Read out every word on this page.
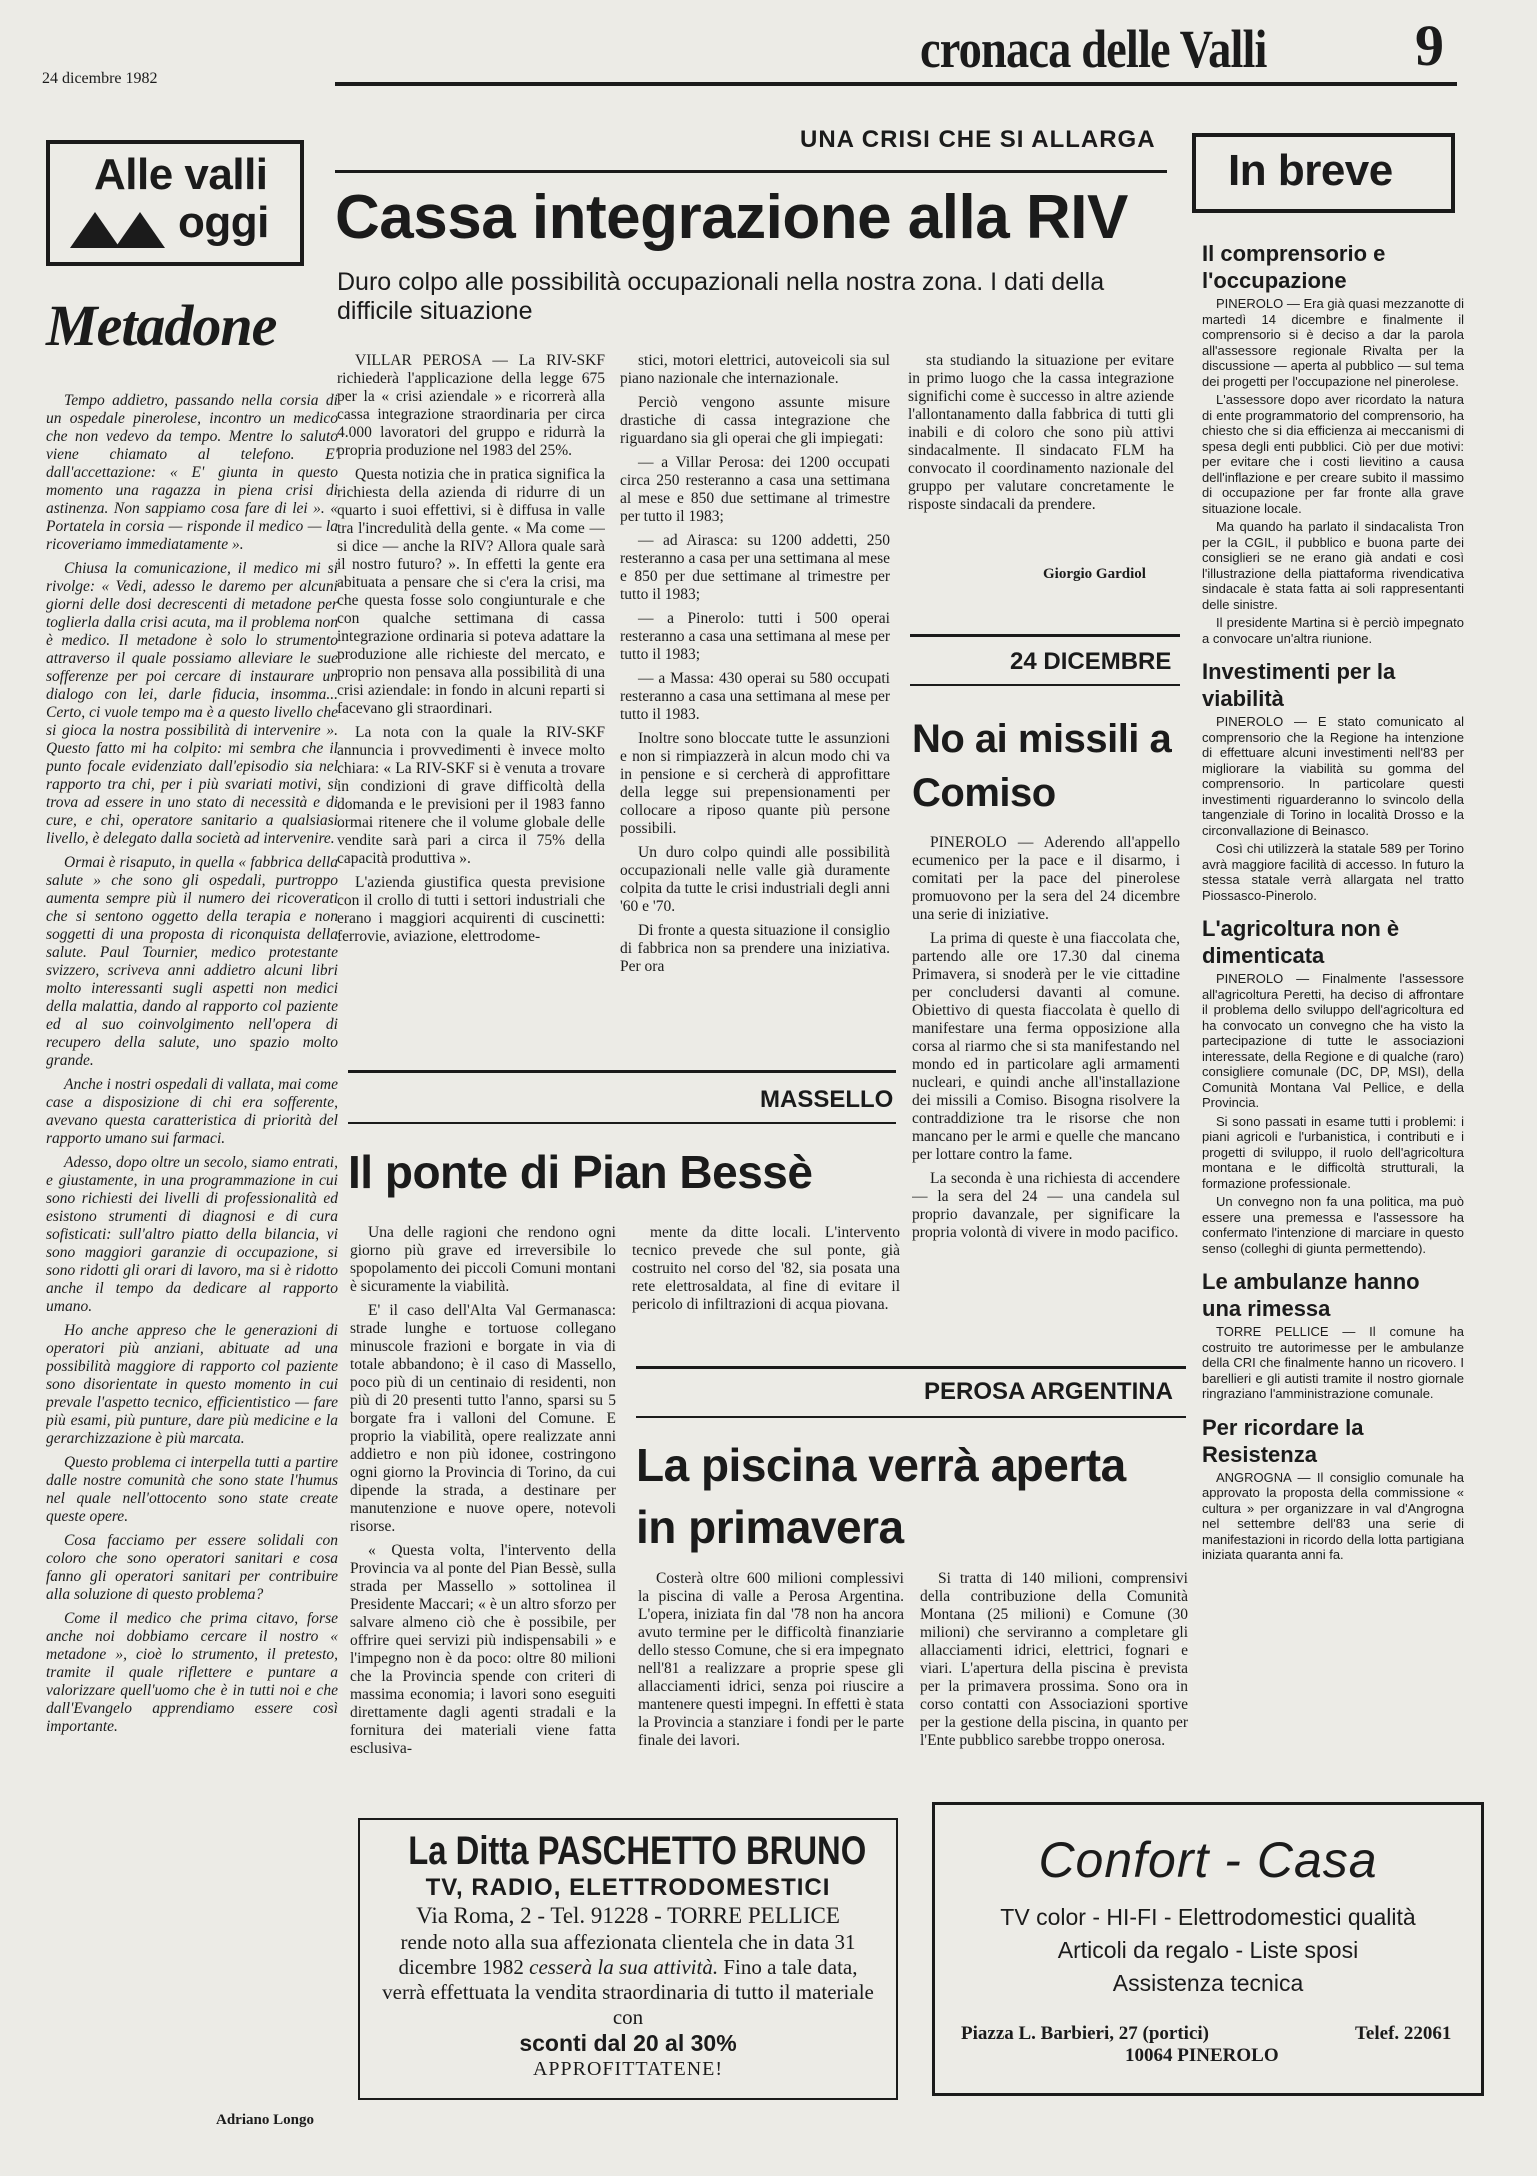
24 dicembre 1982	cronaca delle Valli	9
Alle valli
oggi
Metadone

Tempo addietro, passando nella corsia di un ospedale pinerolese, incontro un medico che non vedevo da tempo. Mentre lo saluto viene chiamato al telefono. E' dall'accettazione: « E' giunta in questo momento una ragazza in piena crisi di astinenza. Non sappiamo cosa fare di lei ». « Portatela in corsia — risponde il medico — la ricoveriamo immediatamente ».

Chiusa la comunicazione, il medico mi si rivolge: « Vedi, adesso le daremo per alcuni giorni delle dosi decrescenti di metadone per toglierla dalla crisi acuta, ma il problema non è medico. Il metadone è solo lo strumento attraverso il quale possiamo alleviare le sue sofferenze per poi cercare di instaurare un dialogo con lei, darle fiducia, insomma... Certo, ci vuole tempo ma è a questo livello che si gioca la nostra possibilità di intervenire ». Questo fatto mi ha colpito: mi sembra che il punto focale evidenziato dall'episodio sia nel rapporto tra chi, per i più svariati motivi, si trova ad essere in uno stato di necessità e di cure, e chi, operatore sanitario a qualsiasi livello, è delegato dalla società ad intervenire.

Ormai è risaputo, in quella « fabbrica della salute » che sono gli ospedali, purtroppo aumenta sempre più il numero dei ricoverati che si sentono oggetto della terapia e non soggetti di una proposta di riconquista della salute. Paul Tournier, medico protestante svizzero, scriveva anni addietro alcuni libri molto interessanti sugli aspetti non medici della malattia, dando al rapporto col paziente ed al suo coinvolgimento nell'opera di recupero della salute, uno spazio molto grande.

Anche i nostri ospedali di vallata, mai come case a disposizione di chi era sofferente, avevano questa caratteristica di priorità del rapporto umano sui farmaci.

Adesso, dopo oltre un secolo, siamo entrati, e giustamente, in una programmazione in cui sono richiesti dei livelli di professionalità ed esistono strumenti di diagnosi e di cura sofisticati: sull'altro piatto della bilancia, vi sono maggiori garanzie di occupazione, si sono ridotti gli orari di lavoro, ma si è ridotto anche il tempo da dedicare al rapporto umano.

Ho anche appreso che le generazioni di operatori più anziani, abituate ad una possibilità maggiore di rapporto col paziente sono disorientate in questo momento in cui prevale l'aspetto tecnico, efficientistico — fare più esami, più punture, dare più medicine e la gerarchizzazione è più marcata.

Questo problema ci interpella tutti a partire dalle nostre comunità che sono state l'humus nel quale nell'ottocento sono state create queste opere.

Cosa facciamo per essere solidali con coloro che sono operatori sanitari e cosa fanno gli operatori sanitari per contribuire alla soluzione di questo problema?

Come il medico che prima citavo, forse anche noi dobbiamo cercare il nostro « metadone », cioè lo strumento, il pretesto, tramite il quale riflettere e puntare a valorizzare quell'uomo che è in tutti noi e che dall'Evangelo apprendiamo essere così importante.

Adriano Longo
UNA CRISI CHE SI ALLARGA
Cassa integrazione alla RIV
Duro colpo alle possibilità occupazionali nella nostra zona. I dati della difficile situazione

VILLAR PEROSA — La RIV-SKF richiederà l'applicazione della legge 675 per la « crisi aziendale » e ricorrerà alla cassa integrazione straordinaria per circa 4.000 lavoratori del gruppo e ridurrà la propria produzione nel 1983 del 25%.

Questa notizia che in pratica significa la richiesta della azienda di ridurre di un quarto i suoi effettivi, si è diffusa in valle tra l'incredulità della gente. « Ma come — si dice — anche la RIV? Allora quale sarà il nostro futuro? ». In effetti la gente era abituata a pensare che si c'era la crisi, ma che questa fosse solo congiunturale e che con qualche settimana di cassa integrazione ordinaria si poteva adattare la produzione alle richieste del mercato, e proprio non pensava alla possibilità di una crisi aziendale: in fondo in alcuni reparti si facevano gli straordinari.

La nota con la quale la RIV-SKF annuncia i provvedimenti è invece molto chiara: « La RIV-SKF si è venuta a trovare in condizioni di grave difficoltà della domanda e le previsioni per il 1983 fanno ormai ritenere che il volume globale delle vendite sarà pari a circa il 75% della capacità produttiva ».

L'azienda giustifica questa previsione con il crollo di tutti i settori industriali che erano i maggiori acquirenti di cuscinetti: ferrovie, aviazione, elettrodome-

stici, motori elettrici, autoveicoli sia sul piano nazionale che internazionale.

Perciò vengono assunte misure drastiche di cassa integrazione che riguardano sia gli operai che gli impiegati:

— a Villar Perosa: dei 1200 occupati circa 250 resteranno a casa una settimana al mese e 850 due settimane al trimestre per tutto il 1983;

— ad Airasca: su 1200 addetti, 250 resteranno a casa per una settimana al mese e 850 per due settimane al trimestre per tutto il 1983;

— a Pinerolo: tutti i 500 operai resteranno a casa una settimana al mese per tutto il 1983;

— a Massa: 430 operai su 580 occupati resteranno a casa una settimana al mese per tutto il 1983.

Inoltre sono bloccate tutte le assunzioni e non si rimpiazzerà in alcun modo chi va in pensione e si cercherà di approfittare della legge sui prepensionamenti per collocare a riposo quante più persone possibili.

Un duro colpo quindi alle possibilità occupazionali nelle valle già duramente colpita da tutte le crisi industriali degli anni '60 e '70.

Di fronte a questa situazione il consiglio di fabbrica non sa prendere una iniziativa. Per ora

sta studiando la situazione per evitare in primo luogo che la cassa integrazione significhi come è successo in altre aziende l'allontanamento dalla fabbrica di tutti gli inabili e di coloro che sono più attivi sindacalmente. Il sindacato FLM ha convocato il coordinamento nazionale del gruppo per valutare concretamente le risposte sindacali da prendere.

Giorgio Gardiol
24 DICEMBRE
No ai missili a Comiso

PINEROLO — Aderendo all'appello ecumenico per la pace e il disarmo, i comitati per la pace del pinerolese promuovono per la sera del 24 dicembre una serie di iniziative.

La prima di queste è una fiaccolata che, partendo alle ore 17.30 dal cinema Primavera, si snoderà per le vie cittadine per concludersi davanti al comune. Obiettivo di questa fiaccolata è quello di manifestare una ferma opposizione alla corsa al riarmo che si sta manifestando nel mondo ed in particolare agli armamenti nucleari, e quindi anche all'installazione dei missili a Comiso. Bisogna risolvere la contraddizione tra le risorse che non mancano per le armi e quelle che mancano per lottare contro la fame.

La seconda è una richiesta di accendere — la sera del 24 — una candela sul proprio davanzale, per significare la propria volontà di vivere in modo pacifico.

MASSELLO
Il ponte di Pian Bessè

Una delle ragioni che rendono ogni giorno più grave ed irreversibile lo spopolamento dei piccoli Comuni montani è sicuramente la viabilità.

E' il caso dell'Alta Val Germanasca: strade lunghe e tortuose collegano minuscole frazioni e borgate in via di totale abbandono; è il caso di Massello, poco più di un centinaio di residenti, non più di 20 presenti tutto l'anno, sparsi su 5 borgate fra i valloni del Comune. E proprio la viabilità, opere realizzate anni addietro e non più idonee, costringono ogni giorno la Provincia di Torino, da cui dipende la strada, a destinare per manutenzione e nuove opere, notevoli risorse.

« Questa volta, l'intervento della Provincia va al ponte del Pian Bessè, sulla strada per Massello » sottolinea il Presidente Maccari; « è un altro sforzo per salvare almeno ciò che è possibile, per offrire quei servizi più indispensabili » e l'impegno non è da poco: oltre 80 milioni che la Provincia spende con criteri di massima economia; i lavori sono eseguiti direttamente dagli agenti stradali e la fornitura dei materiali viene fatta esclusiva-

mente da ditte locali. L'intervento tecnico prevede che sul ponte, già costruito nel corso del '82, sia posata una rete elettrosaldata, al fine di evitare il pericolo di infiltrazioni di acqua piovana.

PEROSA ARGENTINA
La piscina verrà aperta in primavera

Costerà oltre 600 milioni complessivi la piscina di valle a Perosa Argentina. L'opera, iniziata fin dal '78 non ha ancora avuto termine per le difficoltà finanziarie dello stesso Comune, che si era impegnato nell'81 a realizzare a proprie spese gli allacciamenti idrici, senza poi riuscire a mantenere questi impegni. In effetti è stata la Provincia a stanziare i fondi per le parte finale dei lavori.

Si tratta di 140 milioni, comprensivi della contribuzione della Comunità Montana (25 milioni) e Comune (30 milioni) che serviranno a completare gli allacciamenti idrici, elettrici, fognari e viari. L'apertura della piscina è prevista per la primavera prossima. Sono ora in corso contatti con Associazioni sportive per la gestione della piscina, in quanto per l'Ente pubblico sarebbe troppo onerosa.

In breve
Il comprensorio e l'occupazione

PINEROLO — Era già quasi mezzanotte di martedì 14 dicembre e finalmente il comprensorio si è deciso a dar la parola all'assessore regionale Rivalta per la discussione — aperta al pubblico — sul tema dei progetti per l'occupazione nel pinerolese.

L'assessore dopo aver ricordato la natura di ente programmatorio del comprensorio, ha chiesto che si dia efficienza ai meccanismi di spesa degli enti pubblici. Ciò per due motivi: per evitare che i costi lievitino a causa dell'inflazione e per creare subito il massimo di occupazione per far fronte alla grave situazione locale.

Ma quando ha parlato il sindacalista Tron per la CGIL, il pubblico e buona parte dei consiglieri se ne erano già andati e così l'illustrazione della piattaforma rivendicativa sindacale è stata fatta ai soli rappresentanti delle sinistre.

Il presidente Martina si è perciò impegnato a convocare un'altra riunione.

Investimenti per la viabilità

PINEROLO — E stato comunicato al comprensorio che la Regione ha intenzione di effettuare alcuni investimenti nell'83 per migliorare la viabilità su gomma del comprensorio. In particolare questi investimenti riguarderanno lo svincolo della tangenziale di Torino in località Drosso e la circonvallazione di Beinasco.

Così chi utilizzerà la statale 589 per Torino avrà maggiore facilità di accesso. In futuro la stessa statale verrà allargata nel tratto Piossasco-Pinerolo.

L'agricoltura non è dimenticata

PINEROLO — Finalmente l'assessore all'agricoltura Peretti, ha deciso di affrontare il problema dello sviluppo dell'agricoltura ed ha convocato un convegno che ha visto la partecipazione di tutte le associazioni interessate, della Regione e di qualche (raro) consigliere comunale (DC, DP, MSI), della Comunità Montana Val Pellice, e della Provincia.

Si sono passati in esame tutti i problemi: i piani agricoli e l'urbanistica, i contributi e i progetti di sviluppo, il ruolo dell'agricoltura montana e le difficoltà strutturali, la formazione professionale.

Un convegno non fa una politica, ma può essere una premessa e l'assessore ha confermato l'intenzione di marciare in questo senso (colleghi di giunta permettendo).

Le ambulanze hanno una rimessa

TORRE PELLICE — Il comune ha costruito tre autorimesse per le ambulanze della CRI che finalmente hanno un ricovero. I barellieri e gli autisti tramite il nostro giornale ringraziano l'amministrazione comunale.

Per ricordare la Resistenza

ANGROGNA — Il consiglio comunale ha approvato la proposta della commissione « cultura » per organizzare in val d'Angrogna nel settembre dell'83 una serie di manifestazioni in ricordo della lotta partigiana iniziata quaranta anni fa.

La Ditta PASCHETTO BRUNO
TV, RADIO, ELETTRODOMESTICI
Via Roma, 2 - Tel. 91228 - TORRE PELLICE
rende noto alla sua affezionata clientela che in data 31 dicembre 1982 cesserà la sua attività. Fino a tale data, verrà effettuata la vendita straordinaria di tutto il materiale con
sconti dal 20 al 30%
APPROFITTATENE!
Confort - Casa
TV color - HI-FI - Elettrodomestici qualità
Articoli da regalo - Liste sposi
Assistenza tecnica
Piazza L. Barbieri, 27 (portici)
10064 PINEROLO
Telef. 22061
